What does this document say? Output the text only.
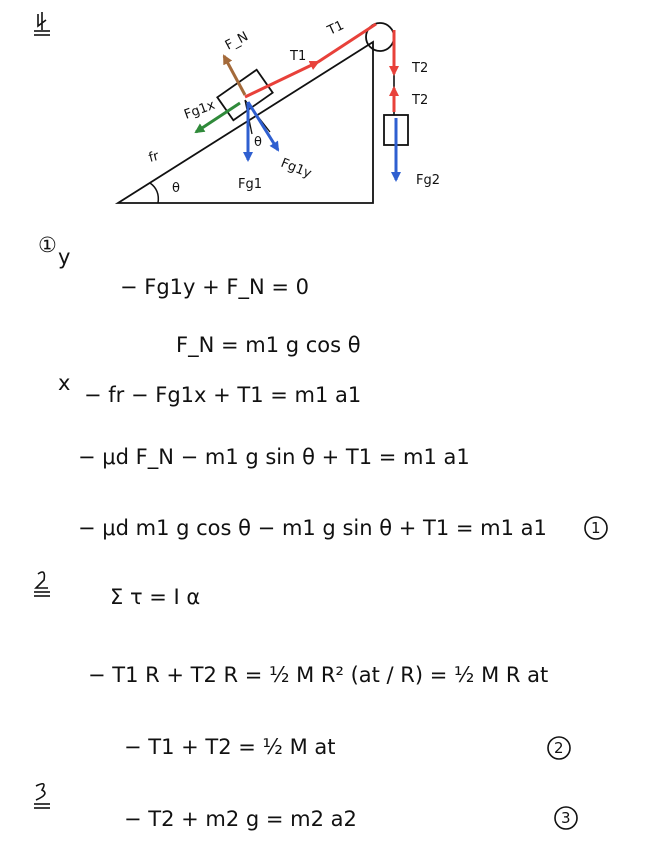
F_N
T1
T1
T2
T2
Fg1x
fr
θ
θ
Fg1y
Fg1	Fg2
① y
− Fg1y + F_N = 0
F_N = m1 g cos θ
x − fr − Fg1x + T1 = m1 a1
− μd F_N − m1 g sin θ + T1 = m1 a1
− μd m1 g cos θ − m1 g sin θ + T1 = m1 a1	1
Σ τ = I α
− T1 R + T2 R = ½ M R² (at / R) = ½ M R at
− T1 + T2 = ½ M at	2
− T2 + m2 g = m2 a2	3
